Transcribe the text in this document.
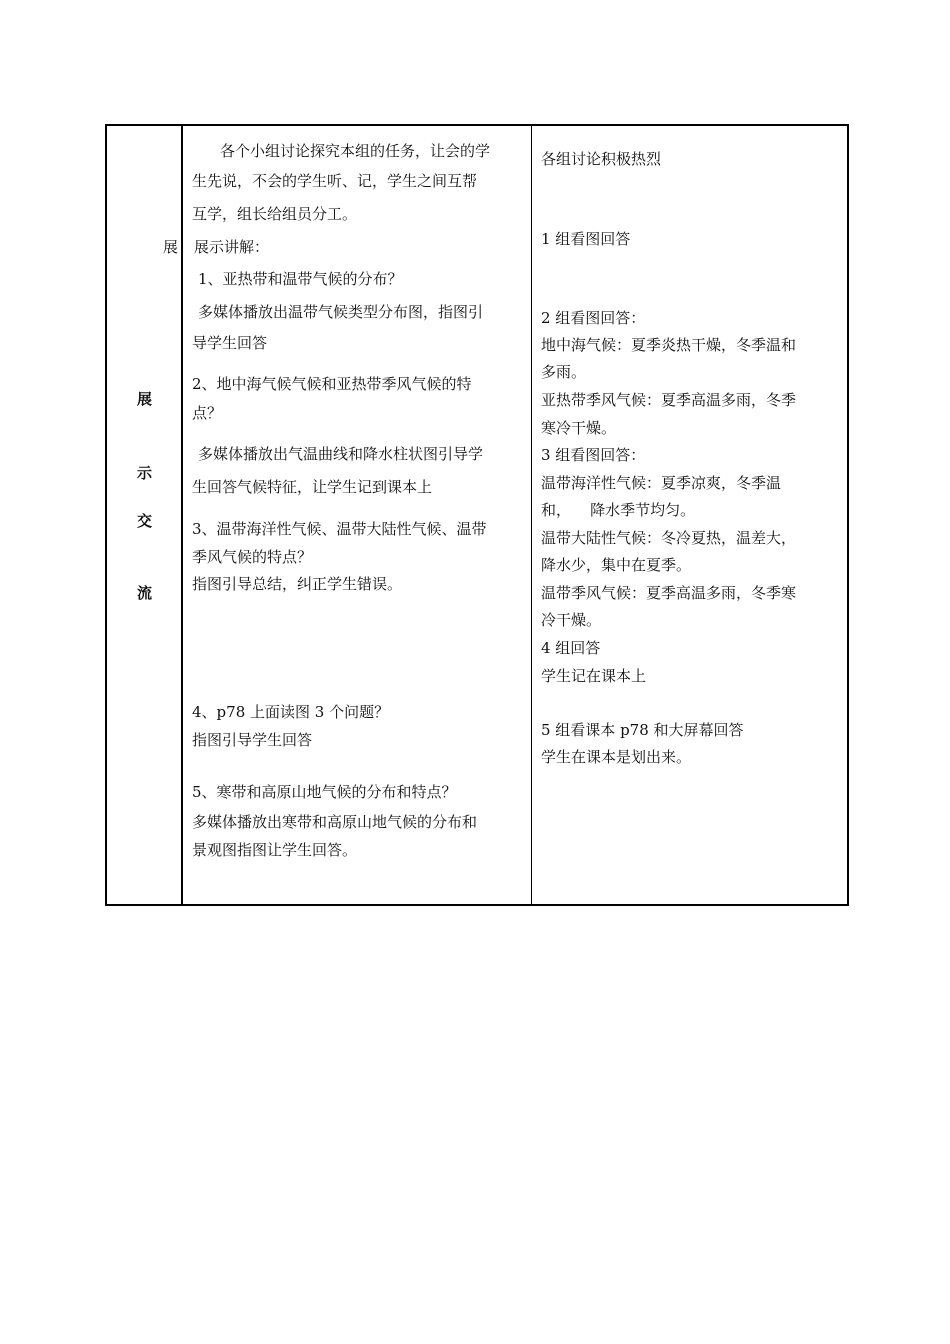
展
示
交
流
展
各个小组讨论探究本组的任务，让会的学
生先说，不会的学生听、记，学生之间互帮
互学，组长给组员分工。
展示讲解：
1、亚热带和温带气候的分布？
多媒体播放出温带气候类型分布图，指图引
导学生回答
2、地中海气候气候和亚热带季风气候的特
点？
多媒体播放出气温曲线和降水柱状图引导学
生回答气候特征，让学生记到课本上
3、温带海洋性气候、温带大陆性气候、温带
季风气候的特点？
指图引导总结，纠正学生错误。
4、p78 上面读图 3 个问题？
指图引导学生回答
5、寒带和高原山地气候的分布和特点？
多媒体播放出寒带和高原山地气候的分布和
景观图指图让学生回答。
各组讨论积极热烈
1 组看图回答
2 组看图回答：
地中海气候：夏季炎热干燥，冬季温和
多雨。
亚热带季风气候：夏季高温多雨，冬季
寒冷干燥。
3 组看图回答：
温带海洋性气候：夏季凉爽，冬季温
和，    降水季节均匀。
温带大陆性气候：冬冷夏热，温差大，
降水少，集中在夏季。
温带季风气候：夏季高温多雨，冬季寒
冷干燥。
4 组回答
学生记在课本上
5 组看课本 p78 和大屏幕回答
学生在课本是划出来。
